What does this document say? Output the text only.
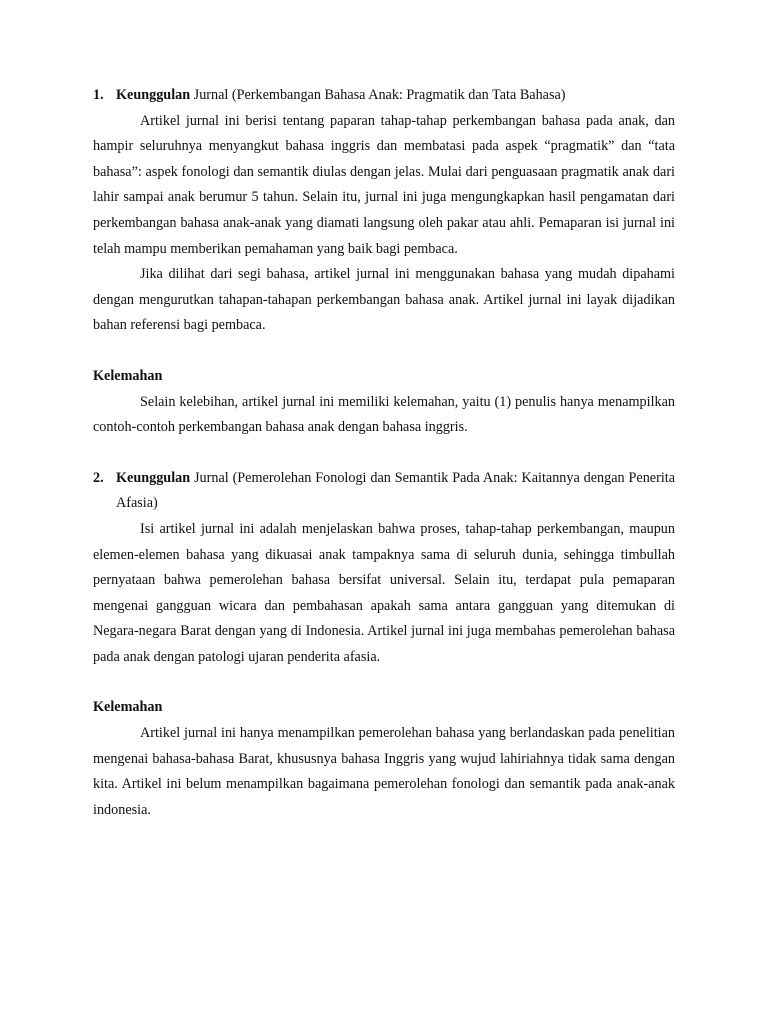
1. Keunggulan Jurnal (Perkembangan Bahasa Anak: Pragmatik dan Tata Bahasa)

Artikel jurnal ini berisi tentang paparan tahap-tahap perkembangan bahasa pada anak, dan hampir seluruhnya menyangkut bahasa inggris dan membatasi pada aspek “pragmatik” dan “tata bahasa”: aspek fonologi dan semantik diulas dengan jelas. Mulai dari penguasaan pragmatik anak dari lahir sampai anak berumur 5 tahun. Selain itu, jurnal ini juga mengungkapkan hasil pengamatan dari perkembangan bahasa anak-anak yang diamati langsung oleh pakar atau ahli. Pemaparan isi jurnal ini telah mampu memberikan pemahaman yang baik bagi pembaca.

Jika dilihat dari segi bahasa, artikel jurnal ini menggunakan bahasa yang mudah dipahami dengan mengurutkan tahapan-tahapan perkembangan bahasa anak. Artikel jurnal ini layak dijadikan bahan referensi bagi pembaca.

Kelemahan

Selain kelebihan, artikel jurnal ini memiliki kelemahan, yaitu (1) penulis hanya menampilkan contoh-contoh perkembangan bahasa anak dengan bahasa inggris.

2. Keunggulan Jurnal (Pemerolehan Fonologi dan Semantik Pada Anak: Kaitannya dengan Penerita Afasia)

Isi artikel jurnal ini adalah menjelaskan bahwa proses, tahap-tahap perkembangan, maupun elemen-elemen bahasa yang dikuasai anak tampaknya sama di seluruh dunia, sehingga timbullah pernyataan bahwa pemerolehan bahasa bersifat universal. Selain itu, terdapat pula pemaparan mengenai gangguan wicara dan pembahasan apakah sama antara gangguan yang ditemukan di Negara-negara Barat dengan yang di Indonesia. Artikel jurnal ini juga membahas pemerolehan bahasa pada anak dengan patologi ujaran penderita afasia.

Kelemahan

Artikel jurnal ini hanya menampilkan pemerolehan bahasa yang berlandaskan pada penelitian mengenai bahasa-bahasa Barat, khususnya bahasa Inggris yang wujud lahiriahnya tidak sama dengan kita. Artikel ini belum menampilkan bagaimana pemerolehan fonologi dan semantik pada anak-anak indonesia.
